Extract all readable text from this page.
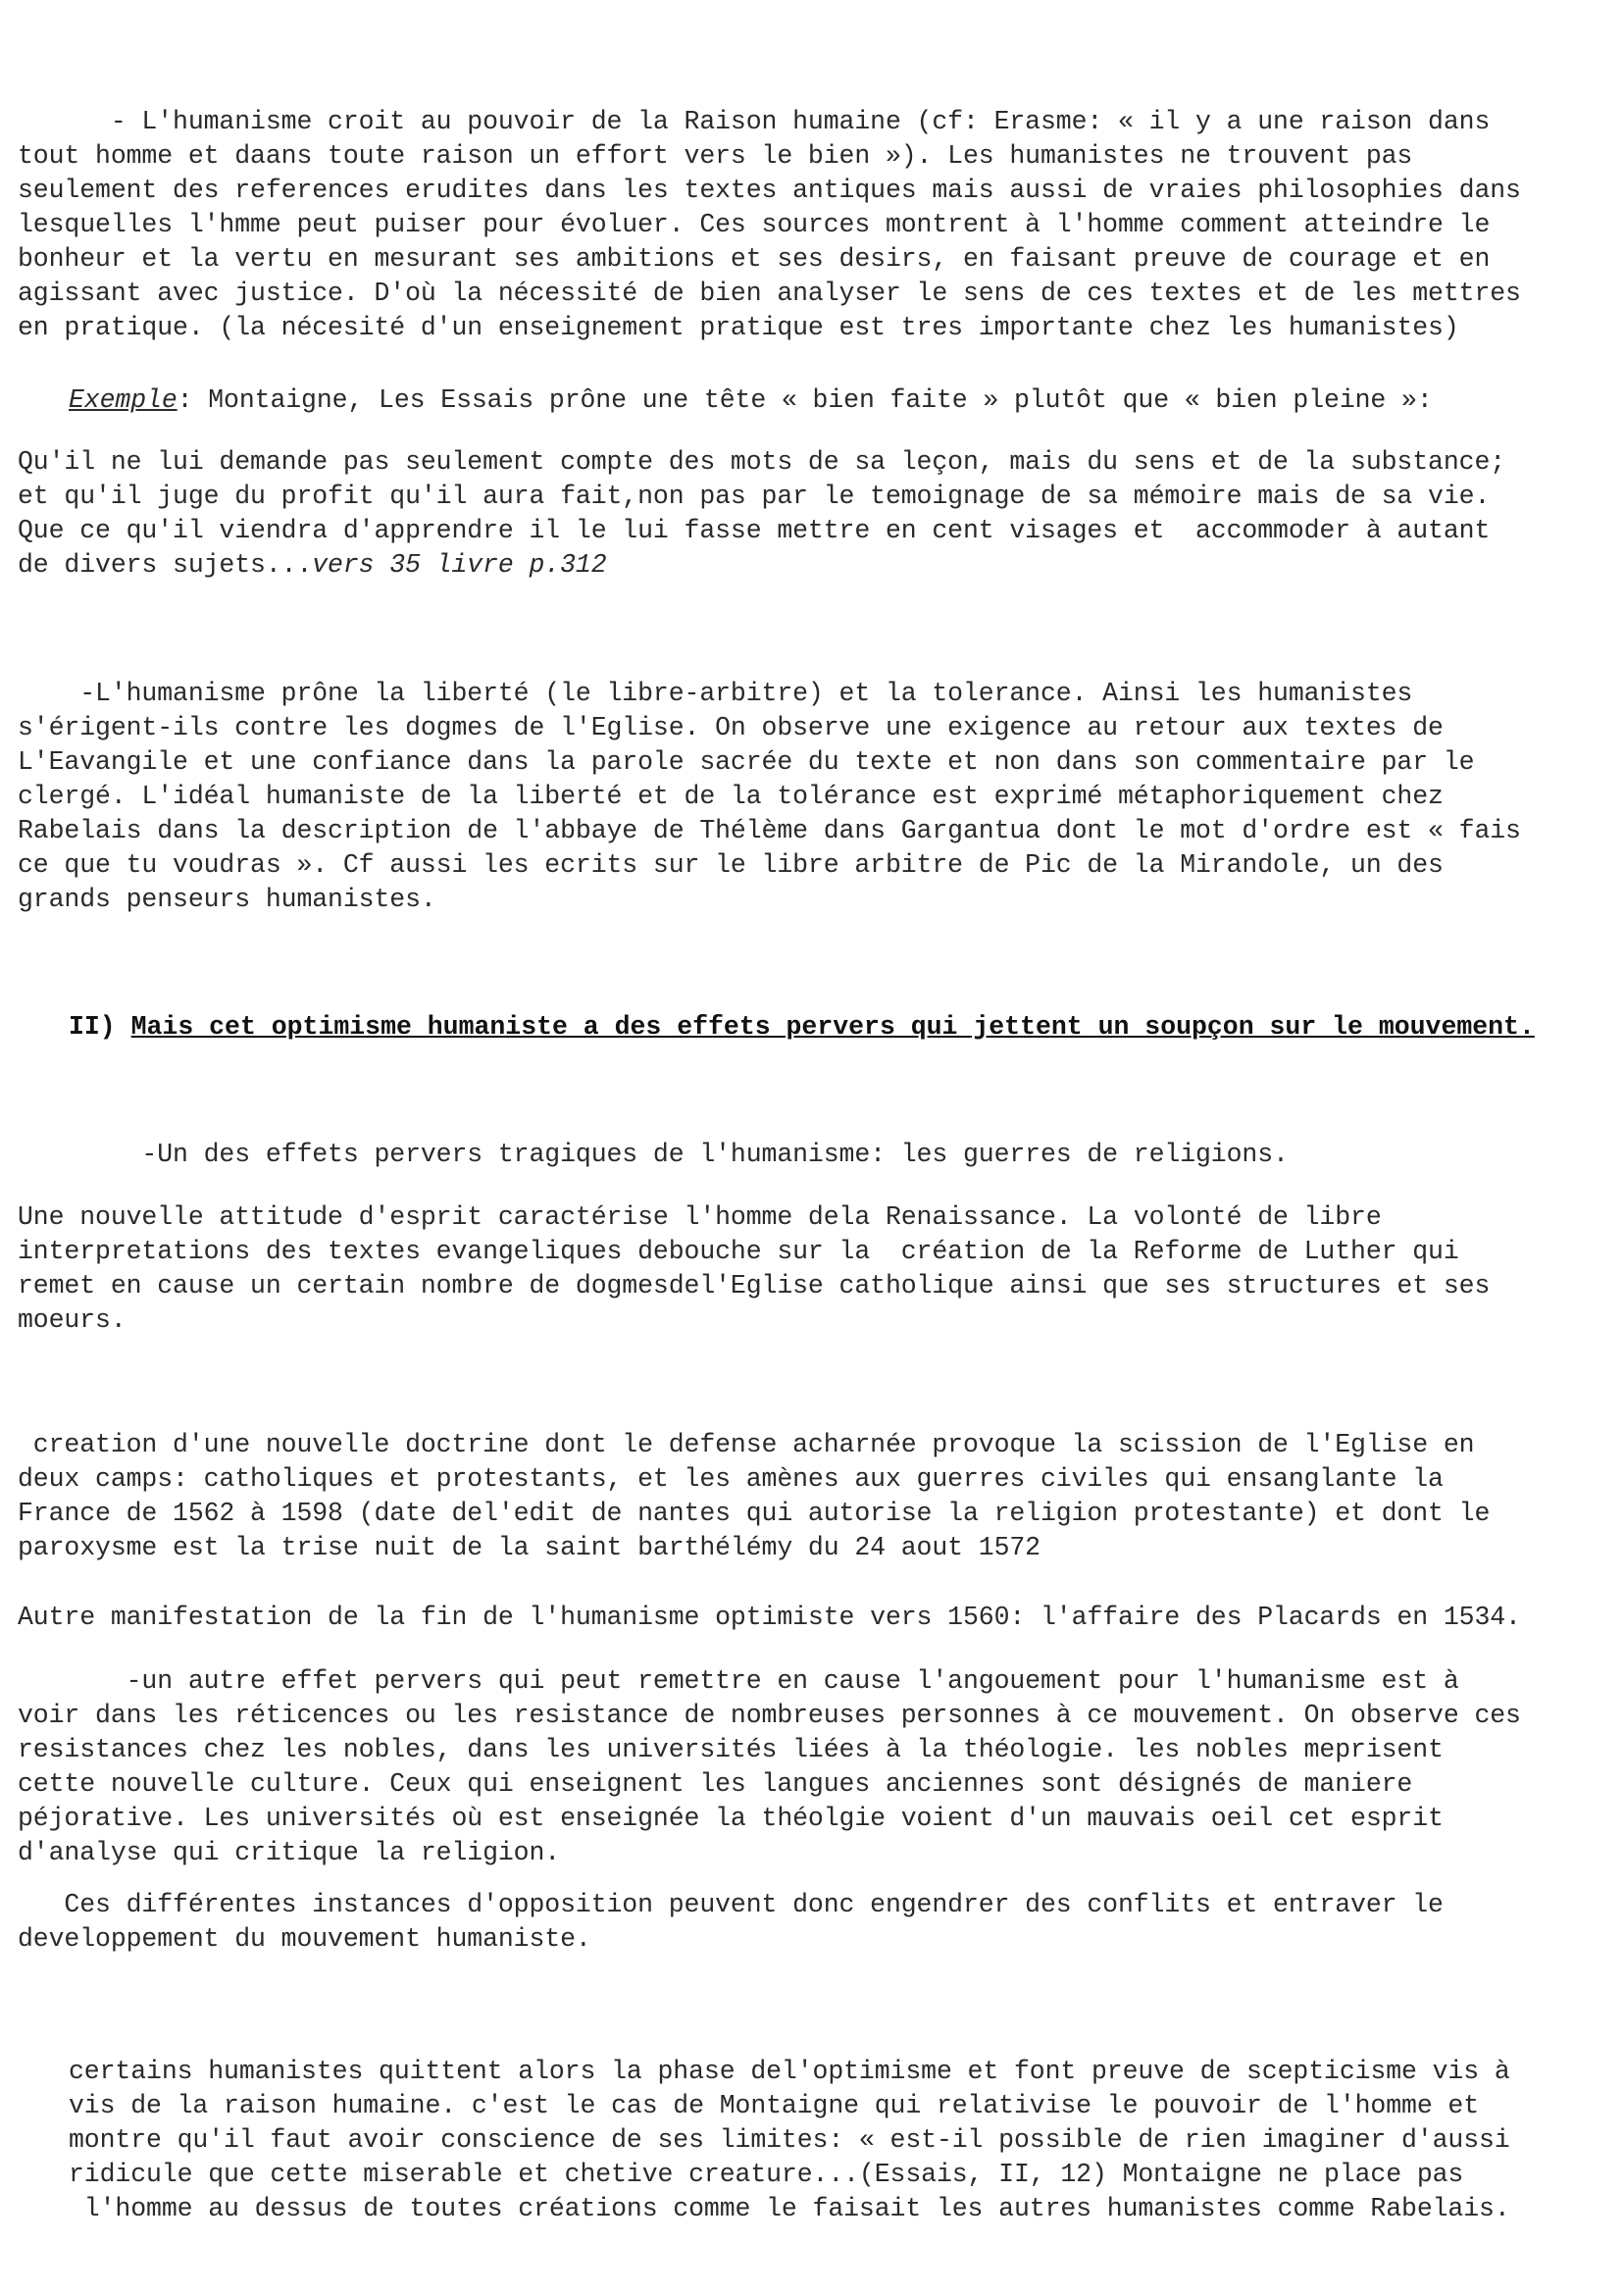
- L'humanisme croit au pouvoir de la Raison humaine (cf: Erasme: « il y a une raison dans
tout homme et daans toute raison un effort vers le bien »). Les humanistes ne trouvent pas
seulement des references erudites dans les textes antiques mais aussi de vraies philosophies dans
lesquelles l'hmme peut puiser pour évoluer. Ces sources montrent à l'homme comment atteindre le
bonheur et la vertu en mesurant ses ambitions et ses desirs, en faisant preuve de courage et en
agissant avec justice. D'où la nécessité de bien analyser le sens de ces textes et de les mettres
en pratique. (la nécesité d'un enseignement pratique est tres importante chez les humanistes)
Exemple: Montaigne, Les Essais prône une tête « bien faite » plutôt que « bien pleine »:
Qu'il ne lui demande pas seulement compte des mots de sa leçon, mais du sens et de la substance;
et qu'il juge du profit qu'il aura fait,non pas par le temoignage de sa mémoire mais de sa vie.
Que ce qu'il viendra d'apprendre il le lui fasse mettre en cent visages et  accommoder à autant
de divers sujets...vers 35 livre p.312
-L'humanisme prône la liberté (le libre-arbitre) et la tolerance. Ainsi les humanistes
s'érigent-ils contre les dogmes de l'Eglise. On observe une exigence au retour aux textes de
L'Eavangile et une confiance dans la parole sacrée du texte et non dans son commentaire par le
clergé. L'idéal humaniste de la liberté et de la tolérance est exprimé métaphoriquement chez
Rabelais dans la description de l'abbaye de Thélème dans Gargantua dont le mot d'ordre est « fais
ce que tu voudras ». Cf aussi les ecrits sur le libre arbitre de Pic de la Mirandole, un des
grands penseurs humanistes.
II) Mais cet optimisme humaniste a des effets pervers qui jettent un soupçon sur le mouvement.
-Un des effets pervers tragiques de l'humanisme: les guerres de religions.
Une nouvelle attitude d'esprit caractérise l'homme dela Renaissance. La volonté de libre
interpretations des textes evangeliques debouche sur la  création de la Reforme de Luther qui
remet en cause un certain nombre de dogmesdel'Eglise catholique ainsi que ses structures et ses
moeurs.
creation d'une nouvelle doctrine dont le defense acharnée provoque la scission de l'Eglise en
deux camps: catholiques et protestants, et les amènes aux guerres civiles qui ensanglante la
France de 1562 à 1598 (date del'edit de nantes qui autorise la religion protestante) et dont le
paroxysme est la trise nuit de la saint barthélémy du 24 aout 1572
Autre manifestation de la fin de l'humanisme optimiste vers 1560: l'affaire des Placards en 1534.
-un autre effet pervers qui peut remettre en cause l'angouement pour l'humanisme est à
voir dans les réticences ou les resistance de nombreuses personnes à ce mouvement. On observe ces
resistances chez les nobles, dans les universités liées à la théologie. les nobles meprisent
cette nouvelle culture. Ceux qui enseignent les langues anciennes sont désignés de maniere
péjorative. Les universités où est enseignée la théolgie voient d'un mauvais oeil cet esprit
d'analyse qui critique la religion.
Ces différentes instances d'opposition peuvent donc engendrer des conflits et entraver le
developpement du mouvement humaniste.
certains humanistes quittent alors la phase del'optimisme et font preuve de scepticisme vis à
vis de la raison humaine. c'est le cas de Montaigne qui relativise le pouvoir de l'homme et
montre qu'il faut avoir conscience de ses limites: « est-il possible de rien imaginer d'aussi
ridicule que cette miserable et chetive creature...(Essais, II, 12) Montaigne ne place pas
l'homme au dessus de toutes créations comme le faisait les autres humanistes comme Rabelais.
